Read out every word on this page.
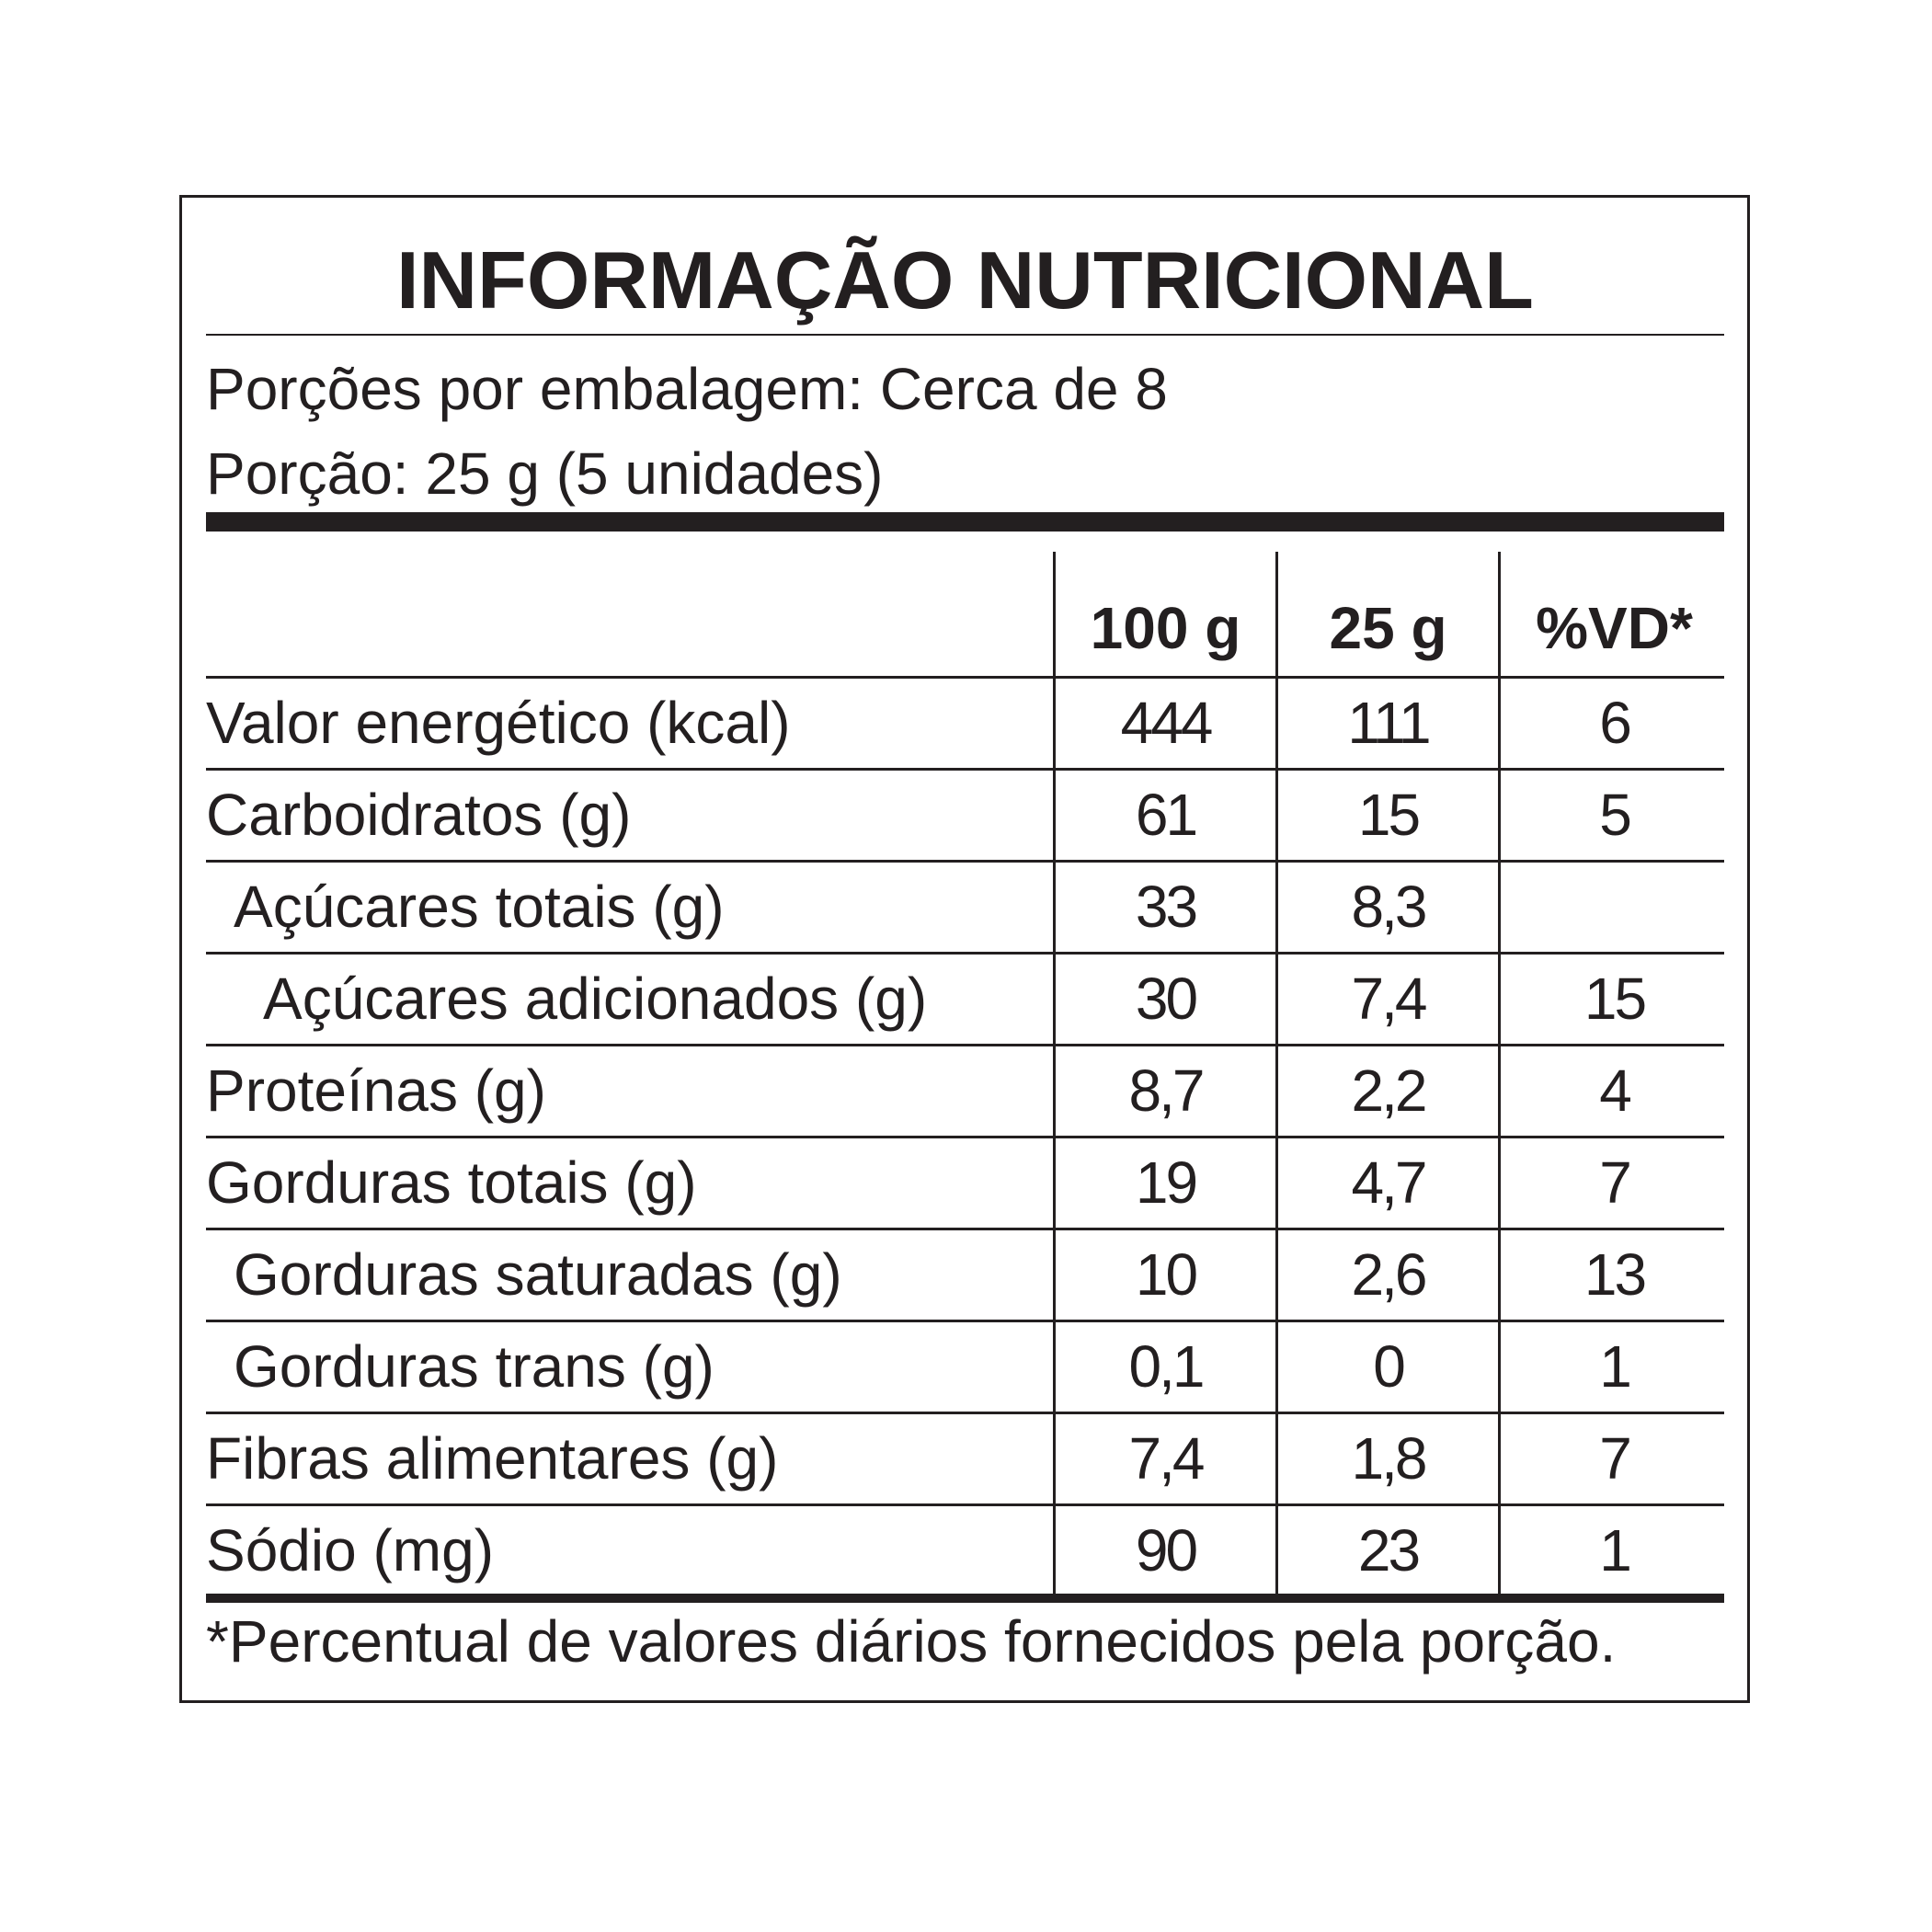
INFORMAÇÃO NUTRICIONAL
Porções por embalagem: Cerca de 8
Porção: 25 g (5 unidades)
100 g	25 g	%VD*
Valor energético (kcal)	444	111	6
Carboidratos (g)	61	15	5
Açúcares totais (g)	33	8,3
Açúcares adicionados (g)	30	7,4	15
Proteínas (g)	8,7	2,2	4
Gorduras totais (g)	19	4,7	7
Gorduras saturadas (g)	10	2,6	13
Gorduras trans (g)	0,1	0	1
Fibras alimentares (g)	7,4	1,8	7
Sódio (mg)	90	23	1
*Percentual de valores diários fornecidos pela porção.
